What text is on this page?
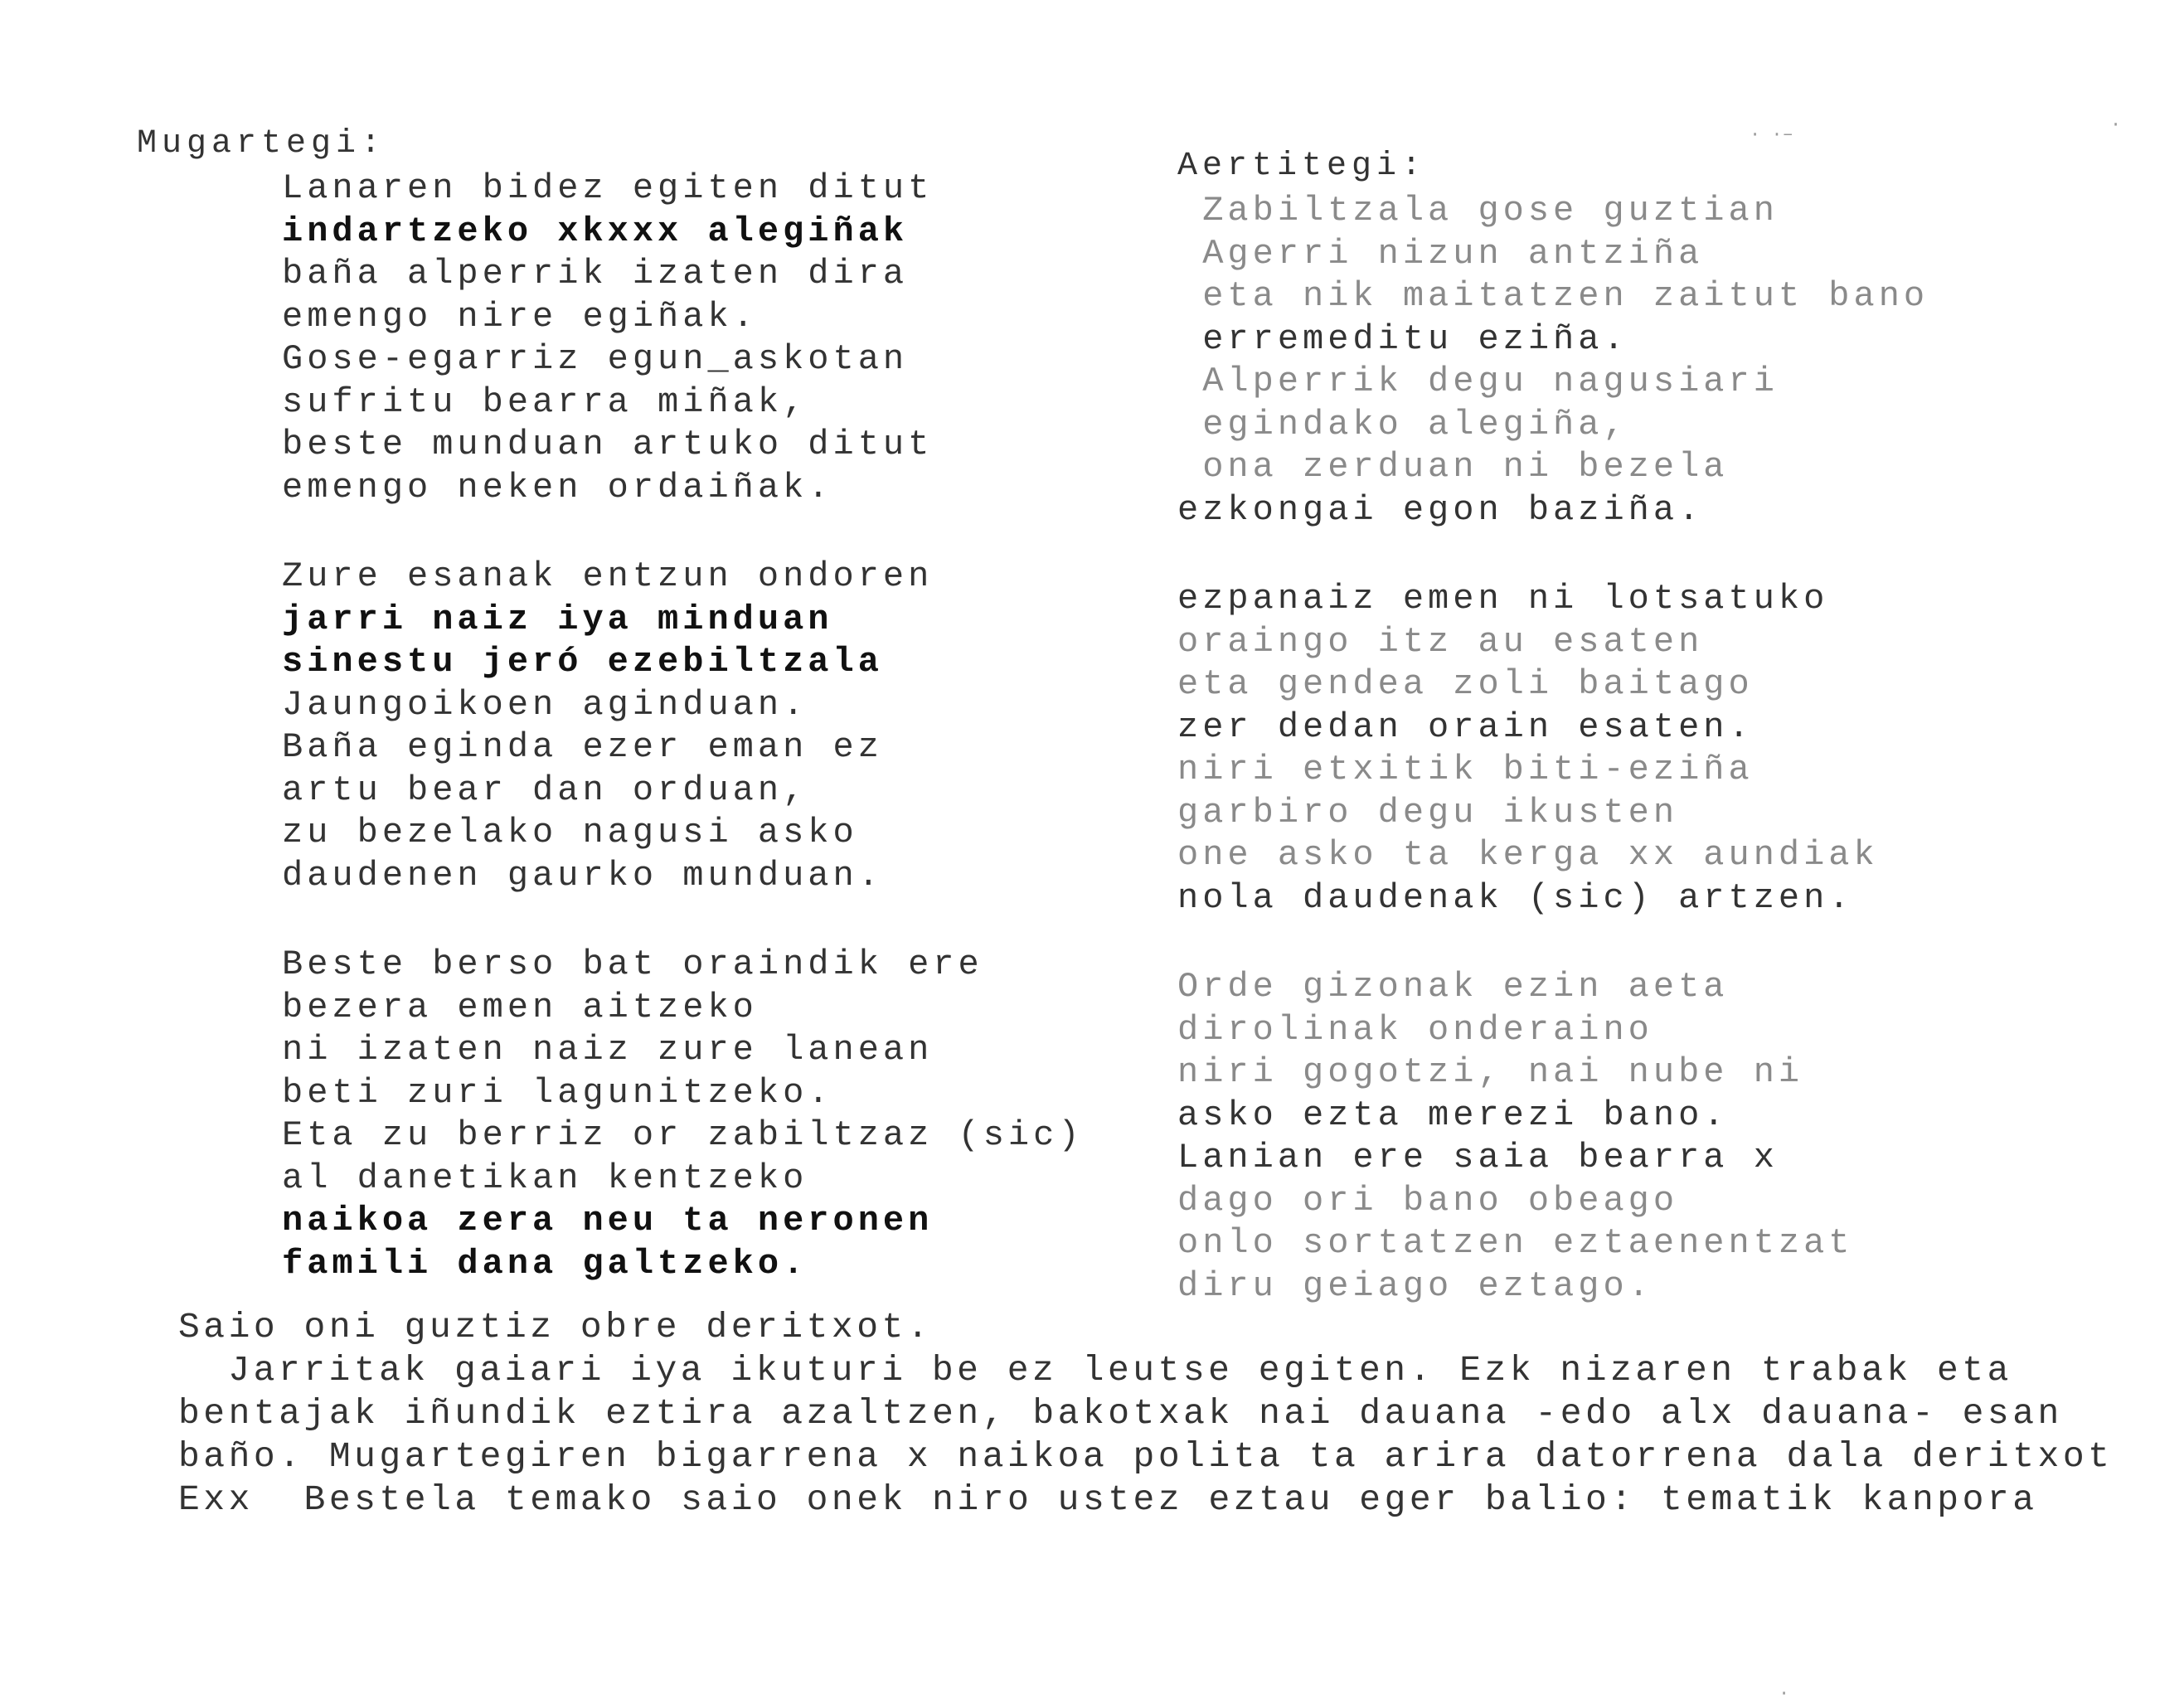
· ·–	·
·
Mugartegi:
Lanaren bidez egiten ditut
indartzeko xkxxx alegiñak
baña alperrik izaten dira
emengo nire egiñak.
Gose-egarriz egun_askotan
sufritu bearra miñak,
beste munduan artuko ditut
emengo neken ordaiñak.
Zure esanak entzun ondoren
jarri naiz iya minduan
sinestu jeró ezebiltzala
Jaungoikoen aginduan.
Baña eginda ezer eman ez
artu bear dan orduan,
zu bezelako nagusi asko
daudenen gaurko munduan.
Beste berso bat oraindik ere
bezera emen aitzeko
ni izaten naiz zure lanean
beti zuri lagunitzeko.
Eta zu berriz or zabiltzaz (sic)
al danetikan kentzeko
naikoa zera neu ta neronen
famili dana galtzeko.
Aertitegi:
Zabiltzala gose guztian
Agerri nizun antziña
eta nik maitatzen zaitut bano
erremeditu eziña.
Alperrik degu nagusiari
egindako alegiña,
ona zerduan ni bezela
ezkongai egon baziña.
ezpanaiz emen ni lotsatuko
oraingo itz au esaten
eta gendea zoli baitago
zer dedan orain esaten.
niri etxitik biti-eziña
garbiro degu ikusten
one asko ta kerga xx aundiak
nola daudenak (sic) artzen.
Orde gizonak ezin aeta
dirolinak onderaino
niri gogotzi, nai nube ni
asko ezta merezi bano.
Lanian ere saia bearra x
dago ori bano obeago
onlo sortatzen eztaenentzat
diru geiago eztago.
Saio oni guztiz obre deritxot.
Jarritak gaiari iya ikuturi be ez leutse egiten. Ezk nizaren trabak eta
bentajak iñundik eztira azaltzen, bakotxak nai dauana -edo alx dauana- esan
baño. Mugartegiren bigarrena x naikoa polita ta arira datorrena dala deritxot
Exx  Bestela temako saio onek niro ustez eztau eger balio: tematik kanpora
